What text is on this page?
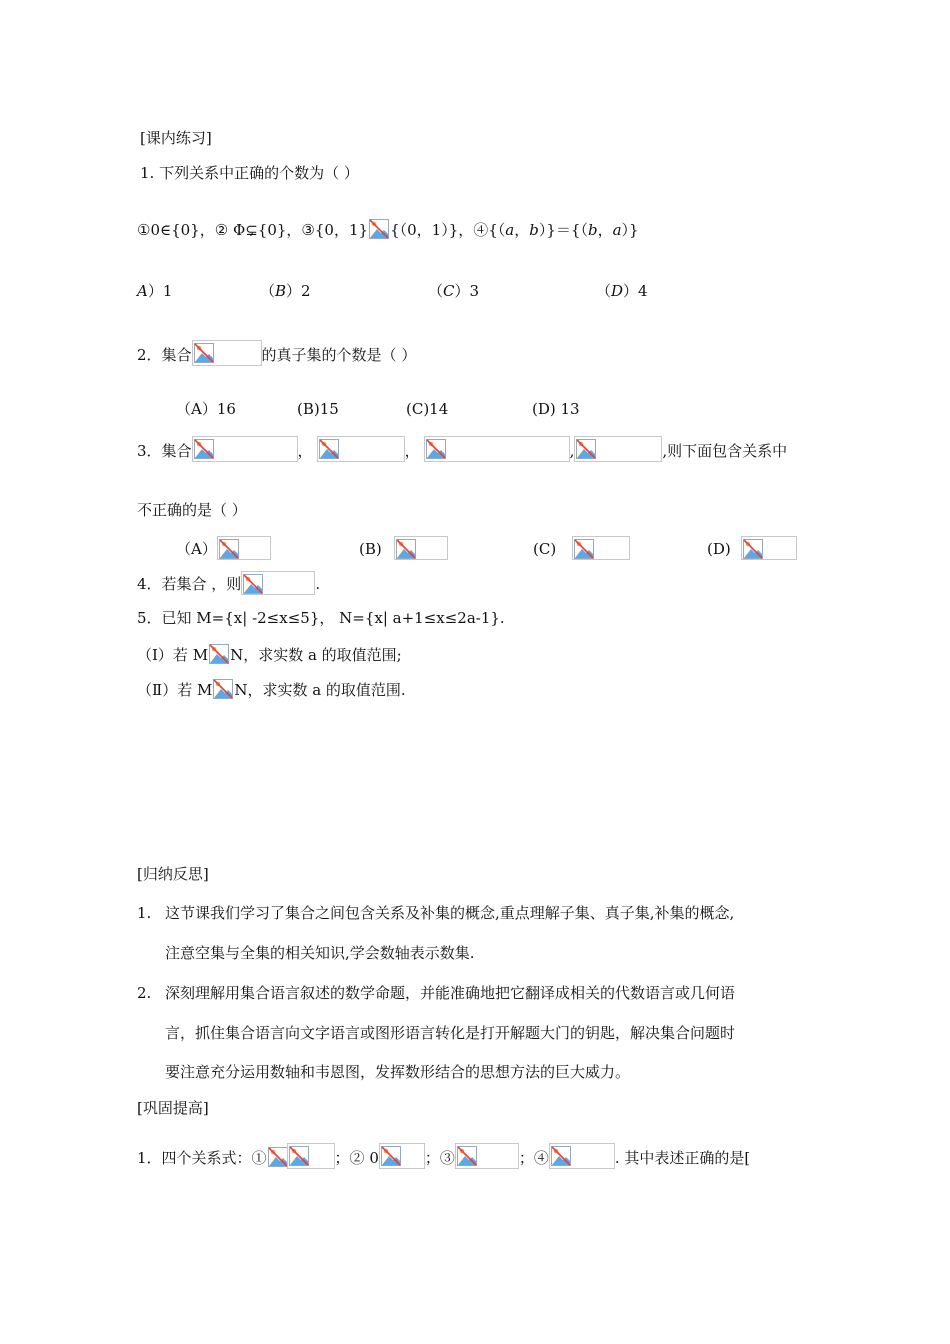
[课内练习]
1. 下列关系中正确的个数为（ ）
①0∈{0}，② Φ⊊{0}，③{0，1} {（0，1）}，④{（a，b）}＝{（b，a）}
A）1	（B）2	（C）3	（D）4
2．集合	的真子集的个数是（ ）
（A）16	(B)15	(C)14	(D) 13
3．集合	，	，	,	,则下面包含关系中
不正确的是（ ）
（A）	(B)	(C)	(D)
4．若集合 ，则	.
5．已知 M={x| -2≤x≤5}， N={x| a+1≤x≤2a-1}.
（Ⅰ）若 M N，求实数 a 的取值范围;
（Ⅱ）若 M N，求实数 a 的取值范围.
[归纳反思]
1. 这节课我们学习了集合之间包含关系及补集的概念,重点理解子集、真子集,补集的概念,
注意空集与全集的相关知识,学会数轴表示数集.
2. 深刻理解用集合语言叙述的数学命题，并能准确地把它翻译成相关的代数语言或几何语
言，抓住集合语言向文字语言或图形语言转化是打开解题大门的钥匙，解决集合问题时
要注意充分运用数轴和韦恩图，发挥数形结合的思想方法的巨大威力。
[巩固提高]
1．四个关系式：①	；② 0	；③	；④	. 其中表述正确的是[
